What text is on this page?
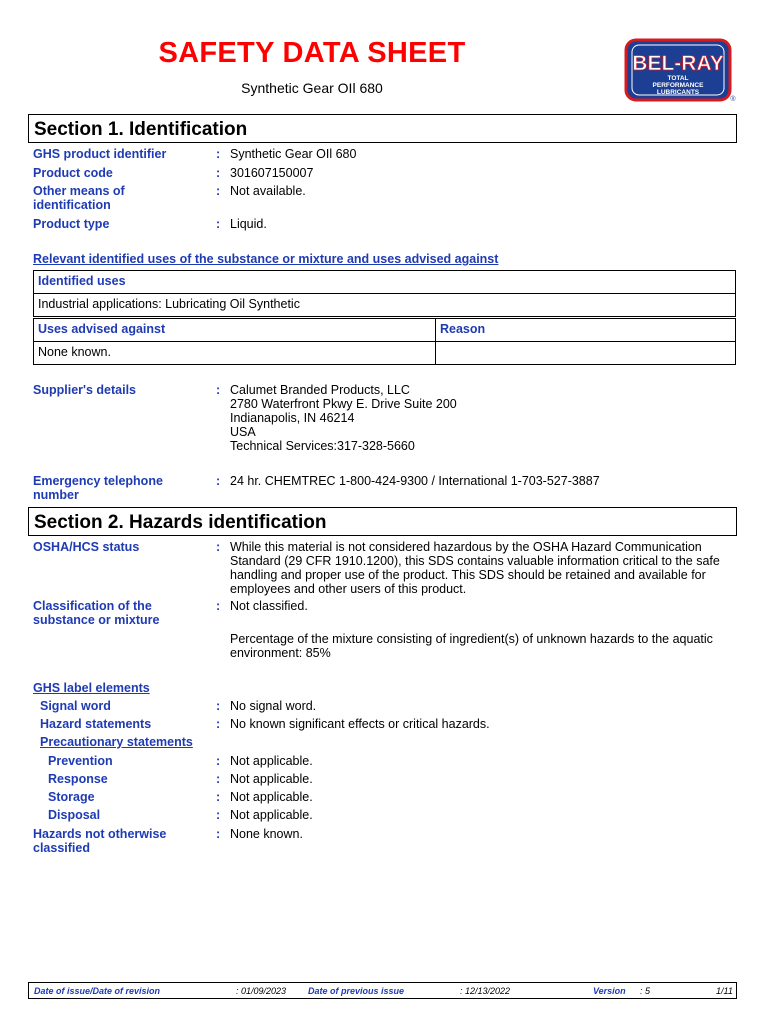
SAFETY DATA SHEET
Synthetic Gear OIl 680
BEL-RAY
TOTAL
PERFORMANCE
LUBRICANTS
®
Section 1. Identification
GHS product identifier	: Synthetic Gear OIl 680
Product code	: 301607150007
Other means of identification
: Not available.
Product type	: Liquid.
Relevant identified uses of the substance or mixture and uses advised against
Identified uses
Industrial applications: Lubricating Oil Synthetic
Uses advised against	Reason
None known.	
Supplier's details	: Calumet Branded Products, LLC
2780 Waterfront Pkwy E. Drive Suite 200
Indianapolis, IN 46214
USA
Technical Services:317-328-5660
Emergency telephone number
: 24 hr. CHEMTREC 1-800-424-9300 / International 1-703-527-3887
Section 2. Hazards identification
OSHA/HCS status	: While this material is not considered hazardous by the OSHA Hazard Communication Standard (29 CFR 1910.1200), this SDS contains valuable information critical to the safe handling and proper use of the product. This SDS should be retained and available for employees and other users of this product.
Classification of the substance or mixture
: Not classified.
Percentage of the mixture consisting of ingredient(s) of unknown hazards to the aquatic environment: 85%
GHS label elements
Signal word	: No signal word.
Hazard statements	: No known significant effects or critical hazards.
Precautionary statements
Prevention	: Not applicable.
Response	: Not applicable.
Storage	: Not applicable.
Disposal	: Not applicable.
Hazards not otherwise classified
: None known.
Date of issue/Date of revision	: 01/09/2023 Date of previous issue	: 12/13/2022	Version : 5	1/11
